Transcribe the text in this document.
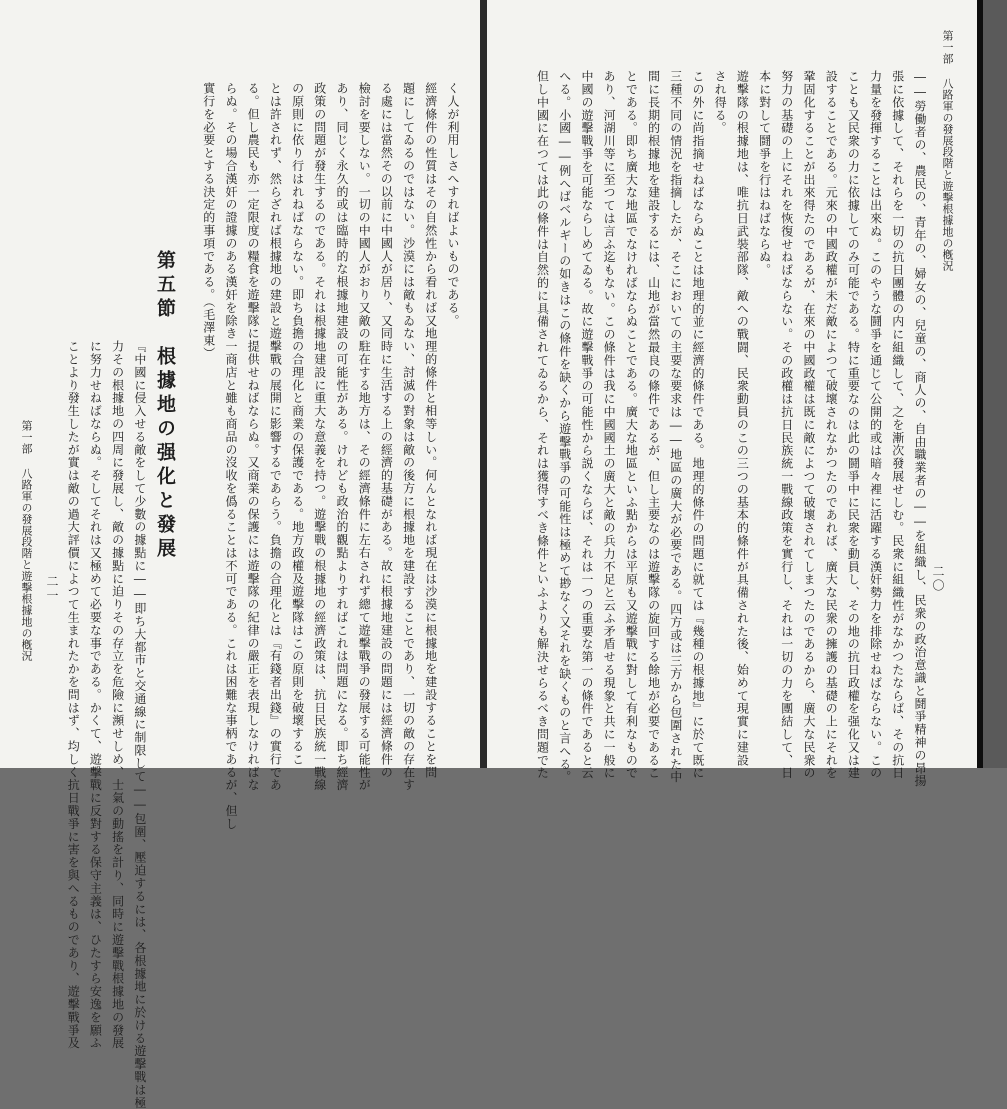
く人が利用しさへすればよいものである。
經濟條件の性質はその自然性から看れば又地理的條件と相等しい。何んとなれば現在は沙漠に根據地を建設することを問
題にしてゐるのではない。沙漠には敵もゐない、討滅の對象は敵の後方に根據地を建設することであり、一切の敵の存在す
る處には當然その以前に中國人が居り、又同時に生活する上の經濟的基礎がある。故に根據地建設の問題には經濟條件の
檢討を要しない。一切の中國人がおり又敵の駐在する地方は、その經濟條件に左右されず總て遊擊戰爭の發展する可能性が
あり、同じく永久的或は臨時的な根據地建設の可能性がある。けれども政治的觀點よりすればこれは問題になる。即ち經濟
政策の問題が發生するのである。それは根據地建設に重大な意義を持つ。遊擊戰の根據地の經濟政策は、抗日民族統一戰線
の原則に依り行はれねばならない。即ち負擔の合理化と商業の保護である。地方政權及遊擊隊はこの原則を破壞するこ
とは許されず、然らざれば根據地の建設と遊擊戰の展開に影響するであらう。負擔の合理化とは『有錢者出錢』の實行であ
る。但し農民も亦一定限度の糧食を遊擊隊に提供せねばならぬ。又商業の保護には遊擊隊の紀律の嚴正を表現しなければな
らぬ。その場合漢奸の證據のある漢奸を除き一商店と雖も商品の沒收を僞ることは不可である。これは困難な事柄であるが、但し
實行を必要とする決定的事項である。（毛澤東）
第五節　根據地の强化と發展
『中國に侵入せる敵をして少數の據點に――即ち大都市と交通線に制限して――包圍、壓迫するには、各根據地に於ける遊擊戰は極
力その根據地の四周に發展し、敵の據點に迫りその存立を危險に瀕せしめ、士氣の動搖を計り、同時に遊擊戰根據地の發展
に努力せねばならぬ。そしてそれは又極めて必要な事である。かくて、遊擊戰に反對する保守主義は、ひたすら安逸を願ふ
ことより發生したが實は敵の過大評價によつて生まれたかを問はず、均しく抗日戰爭に害を與へるものであり、遊擊戰爭及
第一部 八路軍の發展段階と遊擊根據地の槪況 二一
第一部 八路軍の發展段階と遊擊根據地の槪況
二〇
――勞働者の、農民の、青年の、婦女の、兒童の、商人の、自由職業者の――を組織し、民衆の政治意識と鬪爭精神の昂揚
張に依據して、それらを一切の抗日團體の内に組織して、之を漸次發展せしむ。民衆に組織性がなかつたならば、その抗日
力量を發揮することは出來ぬ。このやうな鬪爭を通じて公開的或は暗々裡に活躍する漢奸勢力を排除せねばならない。この
ことも又民衆の力に依據してのみ可能である。特に重要なのは此の鬪爭中に民衆を動員し、その地の抗日政權を强化又は建
設することである。元來の中國政權が未だ敵によつて破壞されなかつたのであれば、廣大な民衆の擁護の基礎の上にそれを
鞏固化することが出來得たのであるが、在來の中國政權は既に敵によつて破壞されてしまつたのであるから、廣大な民衆の
努力の基礎の上にそれを恢復せねばならない。その政權は抗日民族統一戰線政策を實行し、それは一切の力を團結して、日
本に對して鬪爭を行はねばならぬ。
遊擊隊の根據地は、唯抗日武裝部隊、敵への戰闘、民衆動員のこの三つの基本的條件が具備された後、始めて現實に建設
され得る。
この外に尚指摘せねばならぬことは地理的並に經濟的條件である。地理的條件の問題に就ては『幾種の根據地』に於て既に
三種不同の情況を指摘したが、そこにおいての主要な要求は――地區の廣大が必要である。四方或は三方から包圍された中
間に長期的根據地を建設するには、山地が當然最良の條件であるが、但し主要なのは遊擊隊の旋回する餘地が必要であるこ
とである。即ち廣大な地區でなければならぬことである。廣大な地區といふ點からは平原も又遊擊戰に對して有利なもので
あり、河湖川等に至つては言ふ迄もない。この條件は我に中國國土の廣大と敵の兵力不足と云ふ矛盾せる現象と共に一般に
中國の遊擊戰爭を可能ならしめてゐる。故に遊擊戰爭の可能性から説くならば、それは一つの重要な第一の條件であると云
へる。小國――例へばベルギーの如きはこの條件を缺くから遊擊戰爭の可能性は極めて尠なく又それを缺くものと言へる。
但し中國に在つては此の條件は自然的に具備されてゐるから、それは獲得すべき條件といふよりも解決せらるべき問題でた
